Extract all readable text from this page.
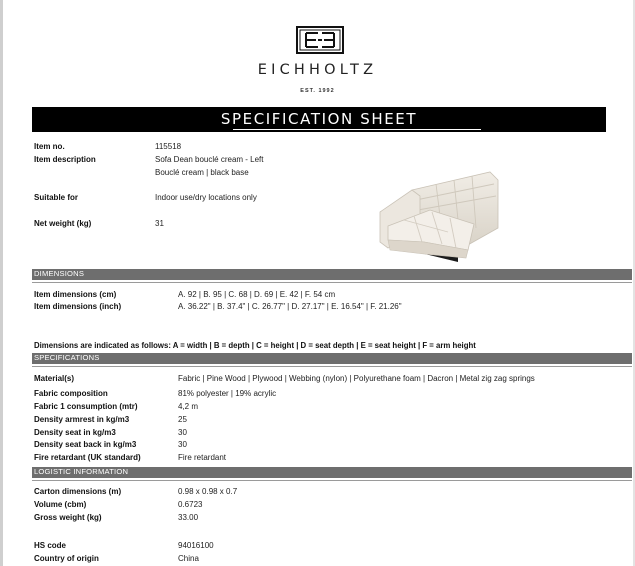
EICHHOLTZ
EST. 1992
SPECIFICATION SHEET
Item no.	115518
Item description	Sofa Dean bouclé cream - Left
Bouclé cream | black base
Suitable for	Indoor use/dry locations only
Net weight (kg)	31
DIMENSIONS
Item dimensions (cm)	A. 92 | B. 95 | C. 68 | D. 69 | E. 42 | F. 54 cm
Item dimensions (inch)	A. 36.22" | B. 37.4" | C. 26.77" | D. 27.17" | E. 16.54" | F. 21.26"
Dimensions are indicated as follows: A = width | B = depth | C = height | D = seat depth | E = seat height | F = arm height
SPECIFICATIONS
Material(s)	Fabric | Pine Wood | Plywood | Webbing (nylon) | Polyurethane foam | Dacron | Metal zig zag springs
Fabric composition	81% polyester | 19% acrylic
Fabric 1 consumption (mtr)	4,2 m
Density armrest in kg/m3	25
Density seat in kg/m3	30
Density seat back in kg/m3	30
Fire retardant (UK standard)	Fire retardant
LOGISTIC INFORMATION
Carton dimensions (m)	0.98 x 0.98 x 0.7
Volume (cbm)	0.6723
Gross weight (kg)	33.00
HS code	94016100
Country of origin	China
